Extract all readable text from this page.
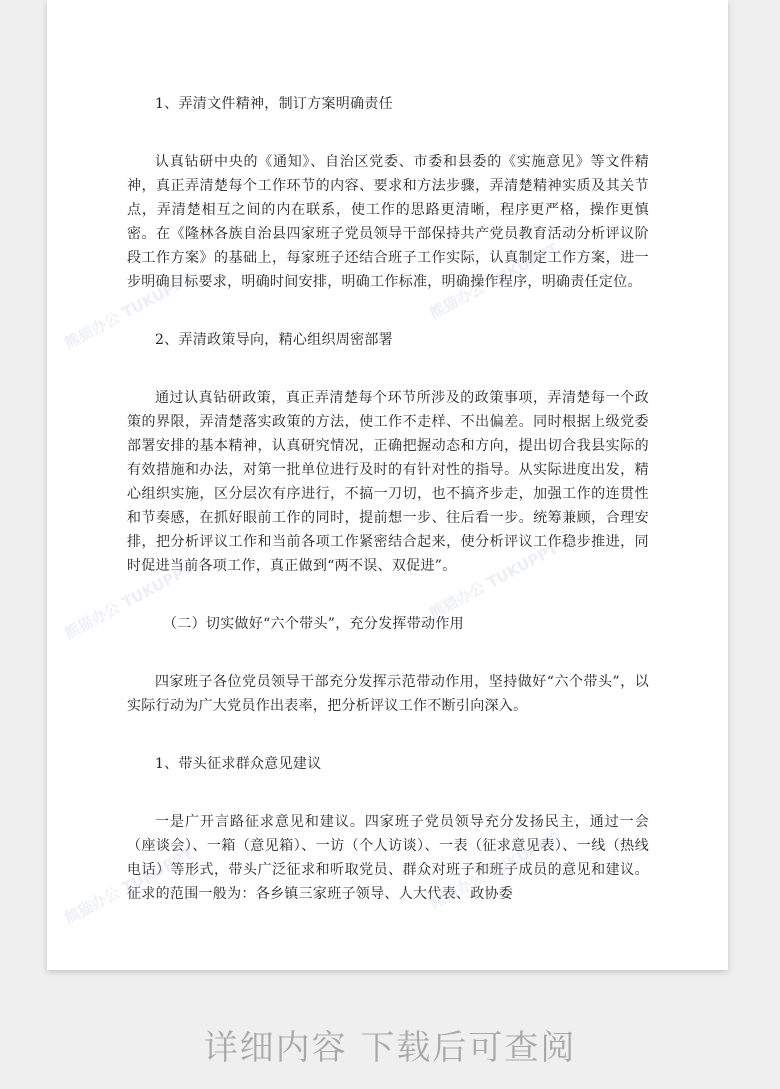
1、弄清文件精神，制订方案明确责任

认真钻研中央的《通知》、自治区党委、市委和县委的《实施意见》等文件精神，真正弄清楚每个工作环节的内容、要求和方法步骤，弄清楚精神实质及其关节点，弄清楚相互之间的内在联系，使工作的思路更清晰，程序更严格，操作更慎密。在《隆林各族自治县四家班子党员领导干部保持共产党员教育活动分析评议阶段工作方案》的基础上，每家班子还结合班子工作实际，认真制定工作方案，进一步明确目标要求，明确时间安排，明确工作标准，明确操作程序，明确责任定位。

2、弄清政策导向，精心组织周密部署

通过认真钻研政策，真正弄清楚每个环节所涉及的政策事项，弄清楚每一个政策的界限，弄清楚落实政策的方法，使工作不走样、不出偏差。同时根据上级党委部署安排的基本精神，认真研究情况，正确把握动态和方向，提出切合我县实际的有效措施和办法，对第一批单位进行及时的有针对性的指导。从实际进度出发，精心组织实施，区分层次有序进行，不搞一刀切，也不搞齐步走，加强工作的连贯性和节奏感，在抓好眼前工作的同时，提前想一步、往后看一步。统筹兼顾，合理安排，把分析评议工作和当前各项工作紧密结合起来，使分析评议工作稳步推进，同时促进当前各项工作，真正做到“两不误、双促进”。

（二）切实做好“六个带头”，充分发挥带动作用

四家班子各位党员领导干部充分发挥示范带动作用，坚持做好“六个带头”，以实际行动为广大党员作出表率，把分析评议工作不断引向深入。

1、带头征求群众意见建议

一是广开言路征求意见和建议。四家班子党员领导充分发扬民主，通过一会（座谈会）、一箱（意见箱）、一访（个人访谈）、一表（征求意见表）、一线（热线电话）等形式，带头广泛征求和听取党员、群众对班子和班子成员的意见和建议。征求的范围一般为：各乡镇三家班子领导、人大代表、政协委

熊猫办公 TUKUPPT	熊猫办公 TUKUPPT
熊猫办公 TUKUPPT	熊猫办公 TUKUPPT
熊猫办公 TUKUPPT	熊猫办公 TUKUPPT
详细内容 下载后可查阅
